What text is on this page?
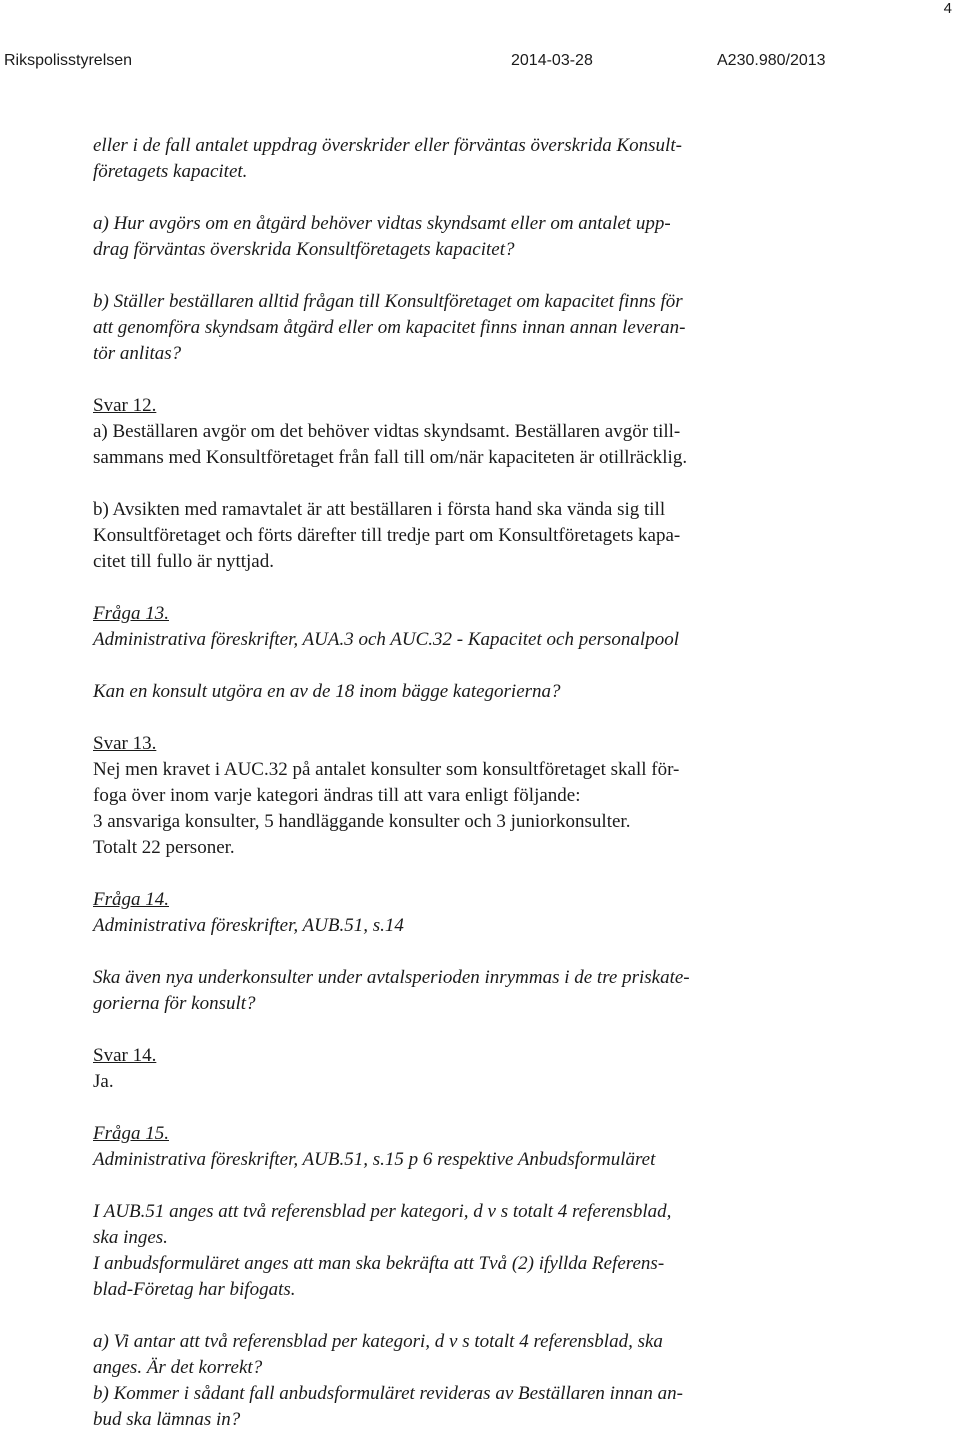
4
Rikspolisstyrelsen	2014-03-28	A230.980/2013
eller i de fall antalet uppdrag överskrider eller förväntas överskrida Konsult-
företagets kapacitet.
a) Hur avgörs om en åtgärd behöver vidtas skyndsamt eller om antalet upp-
drag förväntas överskrida Konsultföretagets kapacitet?
b) Ställer beställaren alltid frågan till Konsultföretaget om kapacitet finns för
att genomföra skyndsam åtgärd eller om kapacitet finns innan annan leveran-
tör anlitas?
Svar 12.
a) Beställaren avgör om det behöver vidtas skyndsamt. Beställaren avgör till-
sammans med Konsultföretaget från fall till om/när kapaciteten är otillräcklig.
b) Avsikten med ramavtalet är att beställaren i första hand ska vända sig till
Konsultföretaget och förts därefter till tredje part om Konsultföretagets kapa-
citet till fullo är nyttjad.
Fråga 13.
Administrativa föreskrifter, AUA.3 och AUC.32 - Kapacitet och personalpool
Kan en konsult utgöra en av de 18 inom bägge kategorierna?
Svar 13.
Nej men kravet i AUC.32 på antalet konsulter som konsultföretaget skall för-
foga över inom varje kategori ändras till att vara enligt följande:
3 ansvariga konsulter, 5 handläggande konsulter och 3 juniorkonsulter.
Totalt 22 personer.
Fråga 14.
Administrativa föreskrifter, AUB.51, s.14
Ska även nya underkonsulter under avtalsperioden inrymmas i de tre priskate-
gorierna för konsult?
Svar 14.
Ja.
Fråga 15.
Administrativa föreskrifter, AUB.51, s.15 p 6 respektive Anbudsformuläret
I AUB.51 anges att två referensblad per kategori, d v s totalt 4 referensblad,
ska inges.
I anbudsformuläret anges att man ska bekräfta att Två (2) ifyllda Referens-
blad-Företag har bifogats.
a) Vi antar att två referensblad per kategori, d v s totalt 4 referensblad, ska
anges. Är det korrekt?
b) Kommer i sådant fall anbudsformuläret revideras av Beställaren innan an-
bud ska lämnas in?
